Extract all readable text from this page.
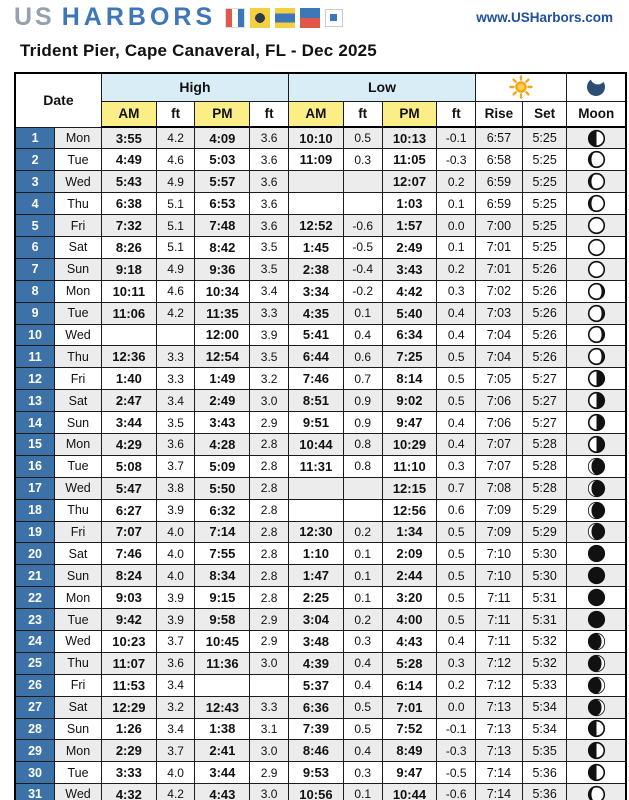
US HARBORS	www.USHarbors.com
Trident Pier, Cape Canaveral, FL - Dec 2025
Date		High				Low		
		AM	ft	PM	ft	AM	ft	PM	ft	Rise	Set	Moon
1	Mon	3:55	4.2	4:09	3.6	10:10	0.5	10:13	-0.1	6:57	5:25	
2	Tue	4:49	4.6	5:03	3.6	11:09	0.3	11:05	-0.3	6:58	5:25	
3	Wed	5:43	4.9	5:57	3.6			12:07	0.2	6:59	5:25	
4	Thu	6:38	5.1	6:53	3.6			1:03	0.1	6:59	5:25	
5	Fri	7:32	5.1	7:48	3.6	12:52	-0.6	1:57	0.0	7:00	5:25	
6	Sat	8:26	5.1	8:42	3.5	1:45	-0.5	2:49	0.1	7:01	5:25	
7	Sun	9:18	4.9	9:36	3.5	2:38	-0.4	3:43	0.2	7:01	5:26	
8	Mon	10:11	4.6	10:34	3.4	3:34	-0.2	4:42	0.3	7:02	5:26	
9	Tue	11:06	4.2	11:35	3.3	4:35	0.1	5:40	0.4	7:03	5:26	
10	Wed			12:00	3.9	5:41	0.4	6:34	0.4	7:04	5:26	
11	Thu	12:36	3.3	12:54	3.5	6:44	0.6	7:25	0.5	7:04	5:26	
12	Fri	1:40	3.3	1:49	3.2	7:46	0.7	8:14	0.5	7:05	5:27	
13	Sat	2:47	3.4	2:49	3.0	8:51	0.9	9:02	0.5	7:06	5:27	
14	Sun	3:44	3.5	3:43	2.9	9:51	0.9	9:47	0.4	7:06	5:27	
15	Mon	4:29	3.6	4:28	2.8	10:44	0.8	10:29	0.4	7:07	5:28	
16	Tue	5:08	3.7	5:09	2.8	11:31	0.8	11:10	0.3	7:07	5:28	
17	Wed	5:47	3.8	5:50	2.8			12:15	0.7	7:08	5:28	
18	Thu	6:27	3.9	6:32	2.8			12:56	0.6	7:09	5:29	
19	Fri	7:07	4.0	7:14	2.8	12:30	0.2	1:34	0.5	7:09	5:29	
20	Sat	7:46	4.0	7:55	2.8	1:10	0.1	2:09	0.5	7:10	5:30	
21	Sun	8:24	4.0	8:34	2.8	1:47	0.1	2:44	0.5	7:10	5:30	
22	Mon	9:03	3.9	9:15	2.8	2:25	0.1	3:20	0.5	7:11	5:31	
23	Tue	9:42	3.9	9:58	2.9	3:04	0.2	4:00	0.5	7:11	5:31	
24	Wed	10:23	3.7	10:45	2.9	3:48	0.3	4:43	0.4	7:11	5:32	
25	Thu	11:07	3.6	11:36	3.0	4:39	0.4	5:28	0.3	7:12	5:32	
26	Fri	11:53	3.4			5:37	0.4	6:14	0.2	7:12	5:33	
27	Sat	12:29	3.2	12:43	3.3	6:36	0.5	7:01	0.0	7:13	5:34	
28	Sun	1:26	3.4	1:38	3.1	7:39	0.5	7:52	-0.1	7:13	5:34	
29	Mon	2:29	3.7	2:41	3.0	8:46	0.4	8:49	-0.3	7:13	5:35	
30	Tue	3:33	4.0	3:44	2.9	9:53	0.3	9:47	-0.5	7:14	5:36	
31	Wed	4:32	4.2	4:43	3.0	10:56	0.1	10:44	-0.6	7:14	5:36	
